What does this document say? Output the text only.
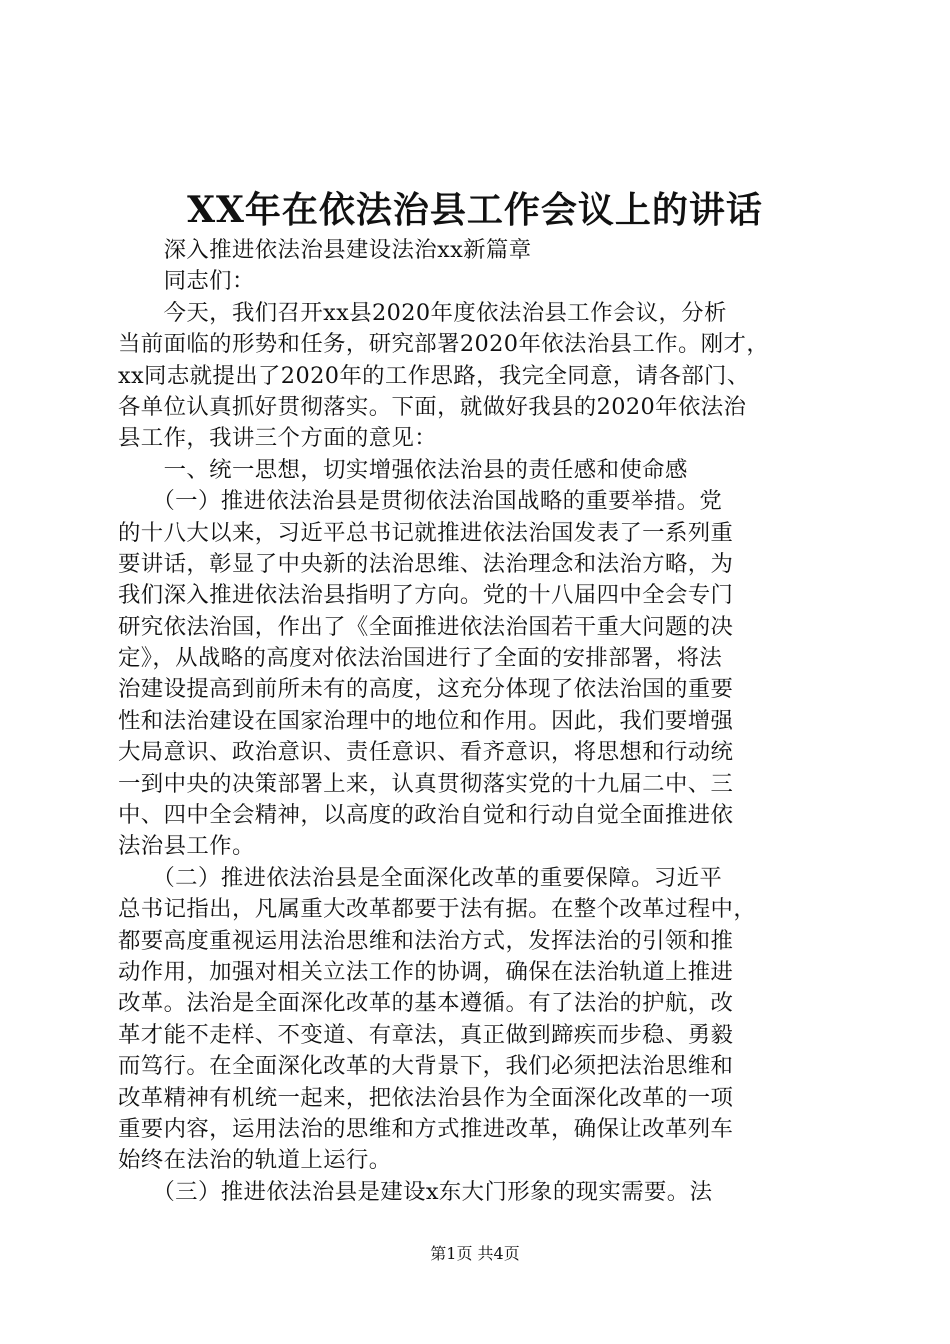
XX年在依法治县工作会议上的讲话
　　深入推进依法治县建设法治xx新篇章
　　同志们：
　　今天，我们召开xx县2020年度依法治县工作会议，分析
当前面临的形势和任务，研究部署2020年依法治县工作。刚才，
xx同志就提出了2020年的工作思路，我完全同意，请各部门、
各单位认真抓好贯彻落实。下面，就做好我县的2020年依法治
县工作，我讲三个方面的意见：
　　一、统一思想，切实增强依法治县的责任感和使命感
　　（一）推进依法治县是贯彻依法治国战略的重要举措。党
的十八大以来，习近平总书记就推进依法治国发表了一系列重
要讲话，彰显了中央新的法治思维、法治理念和法治方略，为
我们深入推进依法治县指明了方向。党的十八届四中全会专门
研究依法治国，作出了《全面推进依法治国若干重大问题的决
定》，从战略的高度对依法治国进行了全面的安排部署，将法
治建设提高到前所未有的高度，这充分体现了依法治国的重要
性和法治建设在国家治理中的地位和作用。因此，我们要增强
大局意识、政治意识、责任意识、看齐意识，将思想和行动统
一到中央的决策部署上来，认真贯彻落实党的十九届二中、三
中、四中全会精神，以高度的政治自觉和行动自觉全面推进依
法治县工作。
　　（二）推进依法治县是全面深化改革的重要保障。习近平
总书记指出，凡属重大改革都要于法有据。在整个改革过程中，
都要高度重视运用法治思维和法治方式，发挥法治的引领和推
动作用，加强对相关立法工作的协调，确保在法治轨道上推进
改革。法治是全面深化改革的基本遵循。有了法治的护航，改
革才能不走样、不变道、有章法，真正做到蹄疾而步稳、勇毅
而笃行。在全面深化改革的大背景下，我们必须把法治思维和
改革精神有机统一起来，把依法治县作为全面深化改革的一项
重要内容，运用法治的思维和方式推进改革，确保让改革列车
始终在法治的轨道上运行。
　　（三）推进依法治县是建设x东大门形象的现实需要。法
第1页 共4页
